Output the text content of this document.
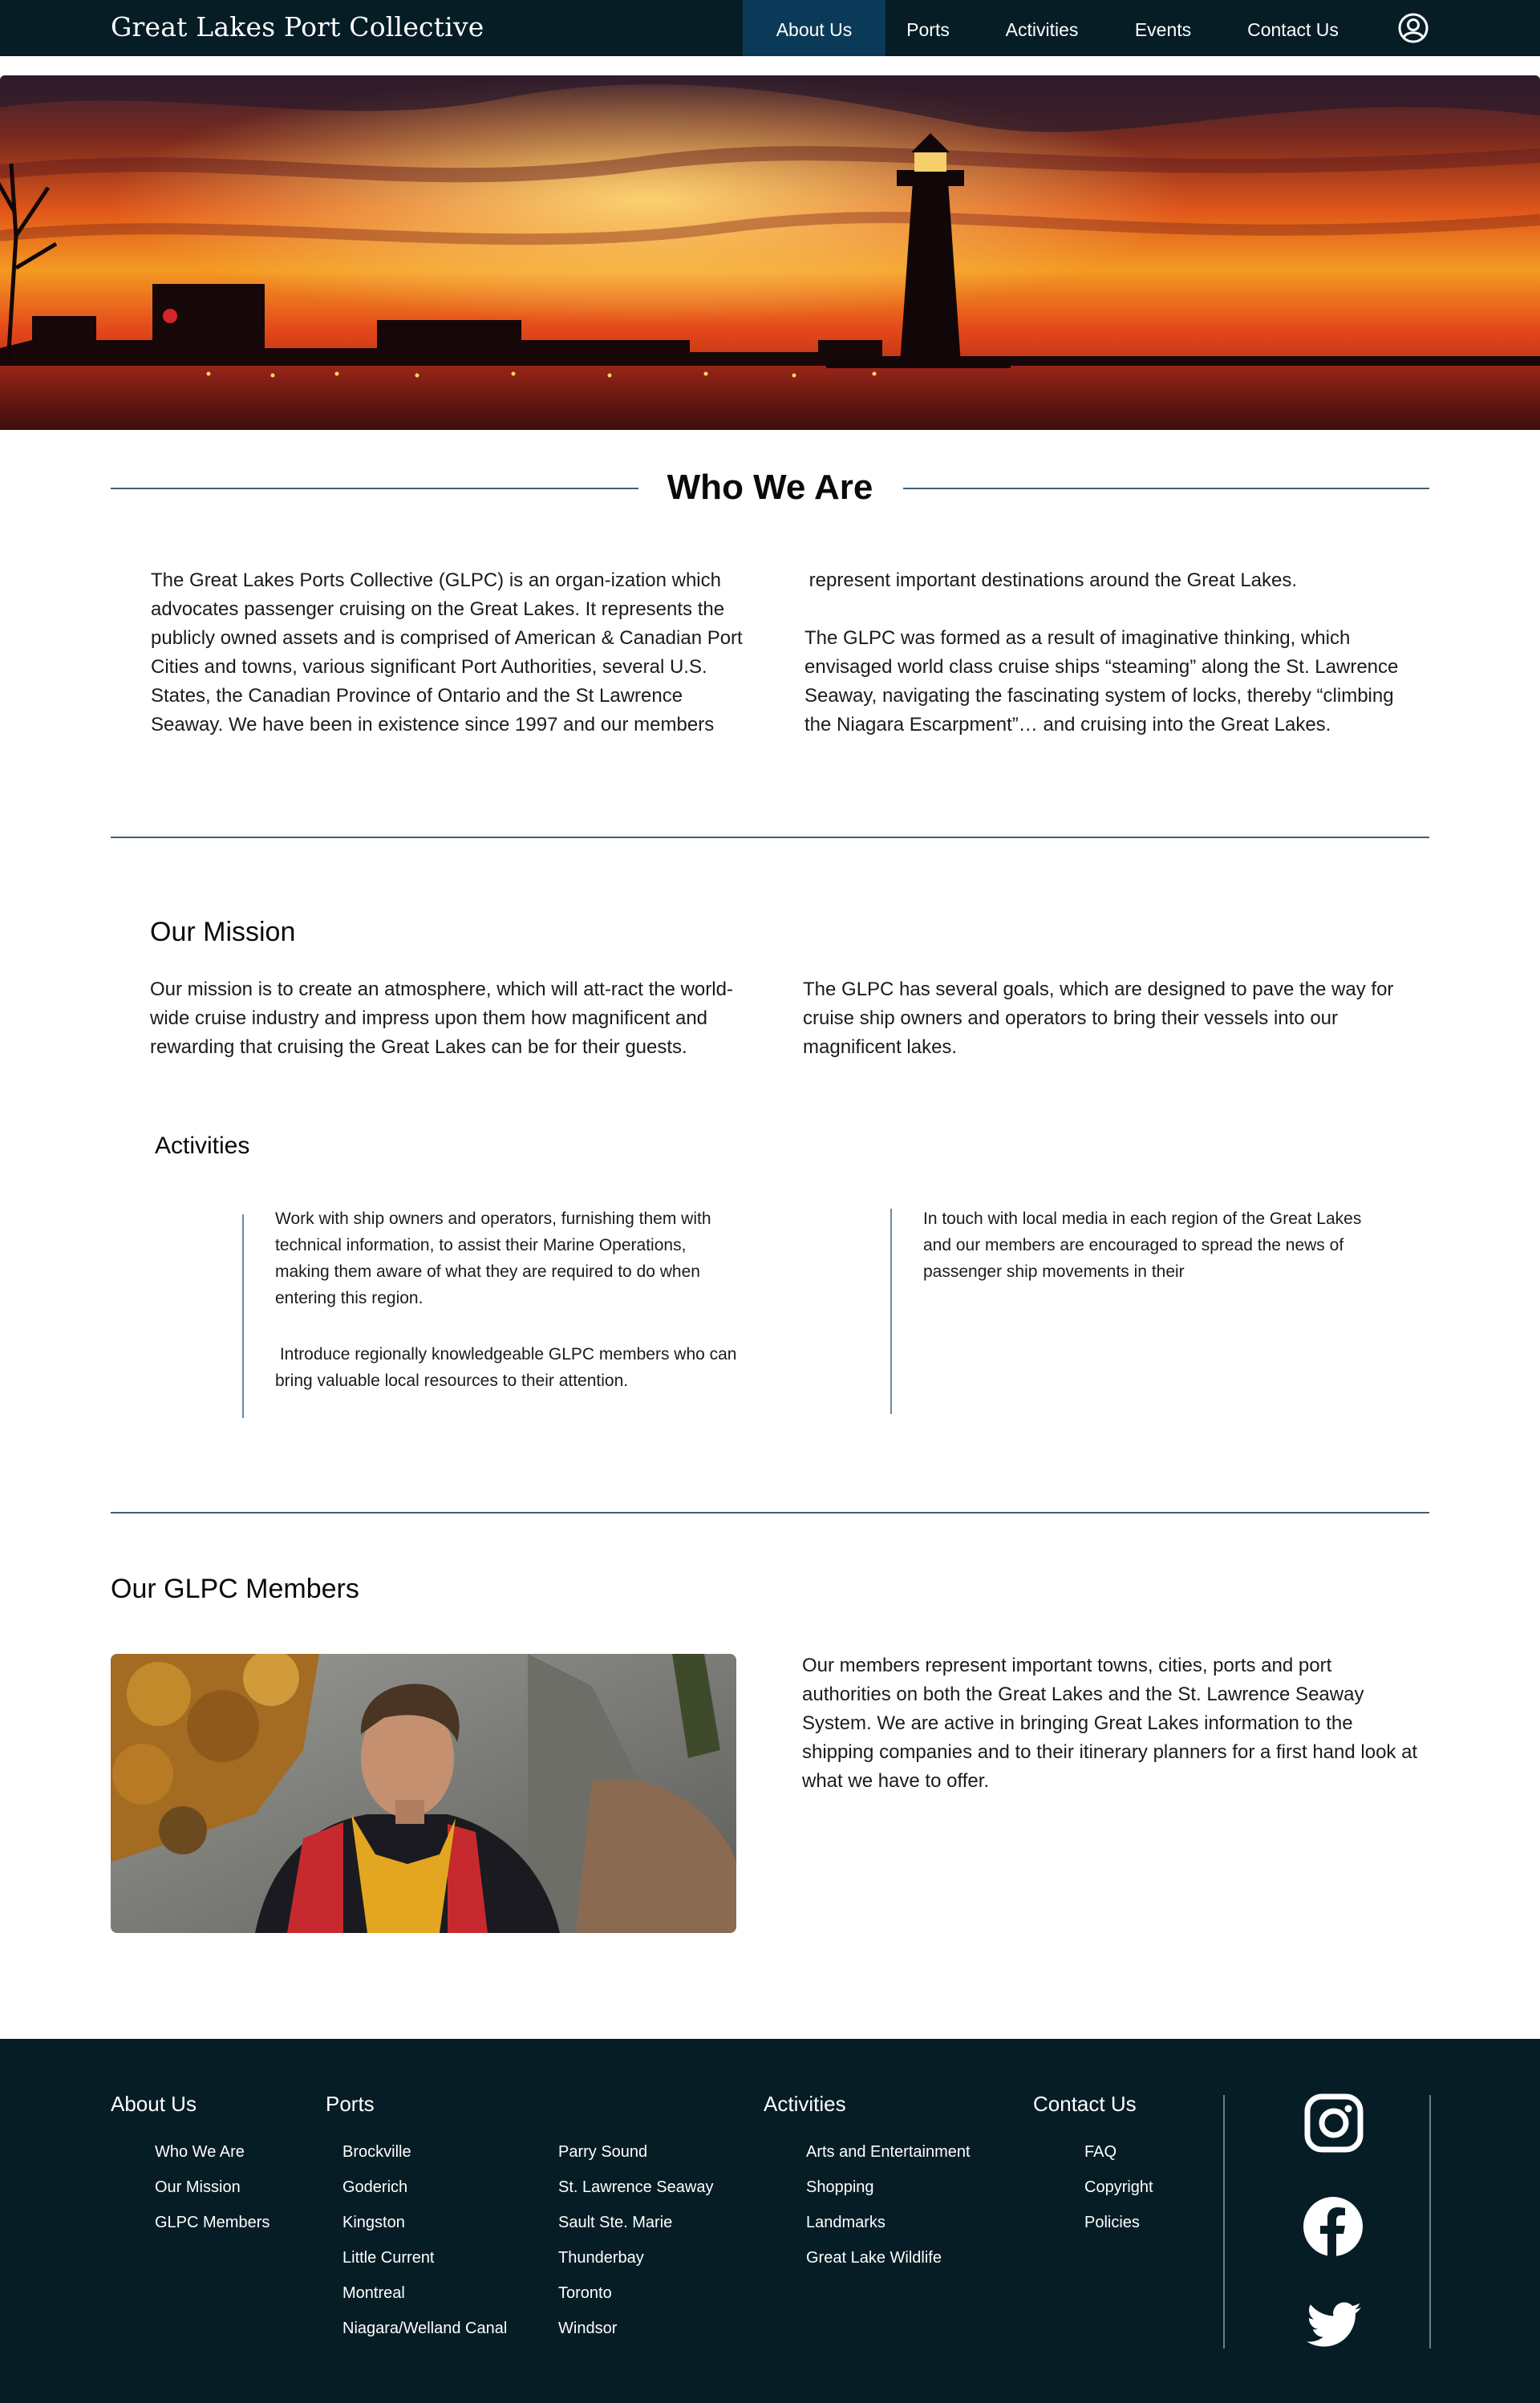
Great Lakes Port Collective	About Us	Ports	Activities	Events	Contact Us
Who We Are
The Great Lakes Ports Collective (GLPC) is an organ-ization which advocates passenger cruising on the Great Lakes. It represents the publicly owned assets and is comprised of American & Canadian Port Cities and towns, various significant Port Authorities, several U.S. States, the Canadian Province of Ontario and the St Lawrence Seaway. We have been in existence since 1997 and our members
represent important destinations around the Great Lakes.
The GLPC was formed as a result of imaginative thinking, which envisaged world class cruise ships “steaming” along the St. Lawrence Seaway, navigating the fascinating system of locks, thereby “climbing the Niagara Escarpment”… and cruising into the Great Lakes.
Our Mission
Our mission is to create an atmosphere, which will att-ract the world-wide cruise industry and impress upon them how magnificent and rewarding that cruising the Great Lakes can be for their guests.
The GLPC has several goals, which are designed to pave the way for cruise ship owners and operators to bring their vessels into our magnificent lakes.
Activities
Work with ship owners and operators, furnishing them with technical information, to assist their Marine Operations, making them aware of what they are required to do when entering this region.
Introduce regionally knowledgeable GLPC members who can bring valuable local resources to their attention.
In touch with local media in each region of the Great Lakes and our members are encouraged to spread the news of passenger ship movements in their
Our GLPC Members
Our members represent important towns, cities, ports and port authorities on both the Great Lakes and the St. Lawrence Seaway System. We are active in bringing Great Lakes information to the shipping companies and to their itinerary planners for a first hand look at what we have to offer.
About Us
Who We Are
Our Mission
GLPC Members
Ports
Brockville
Goderich
Kingston
Little Current
Montreal
Niagara/Welland Canal
Parry Sound
St. Lawrence Seaway
Sault Ste. Marie
Thunderbay
Toronto
Windsor
Activities
Arts and Entertainment
Shopping
Landmarks
Great Lake Wildlife
Contact Us
FAQ
Copyright
Policies
